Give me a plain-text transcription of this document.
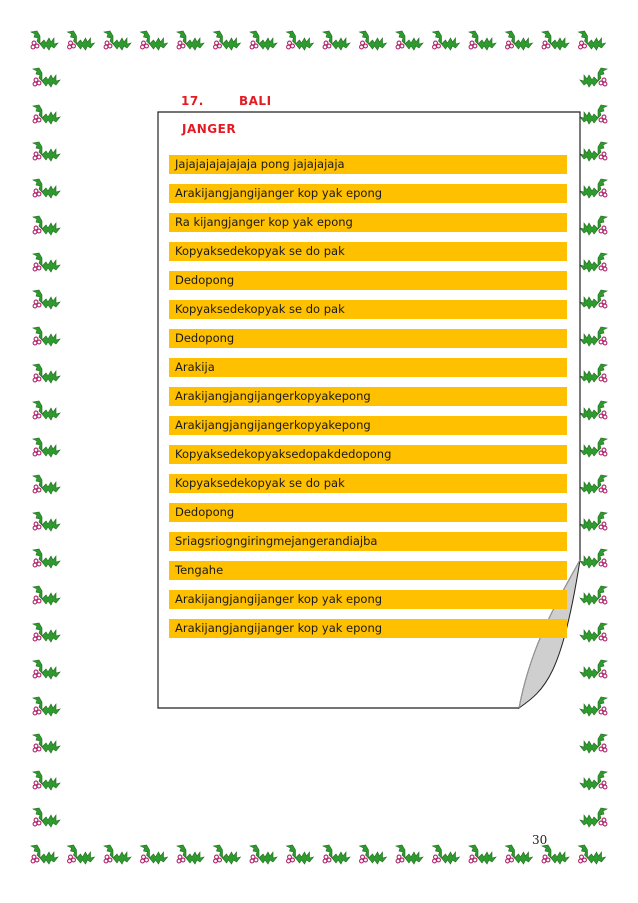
17.	BALI
JANGER
Jajajajajajajaja pong jajajajaja
Arakijangjangijanger kop yak epong
Ra kijangjanger kop yak epong
Kopyaksedekopyak se do pak
Dedopong
Kopyaksedekopyak se do pak
Dedopong
Arakija
Arakijangjangijangerkopyakepong
Arakijangjangijangerkopyakepong
Kopyaksedekopyaksedopakdedopong
Kopyaksedekopyak se do pak
Dedopong
Sriagsriogngiringmejangerandiajba
Tengahe
Arakijangjangijanger kop yak epong
Arakijangjangijanger kop yak epong
30
